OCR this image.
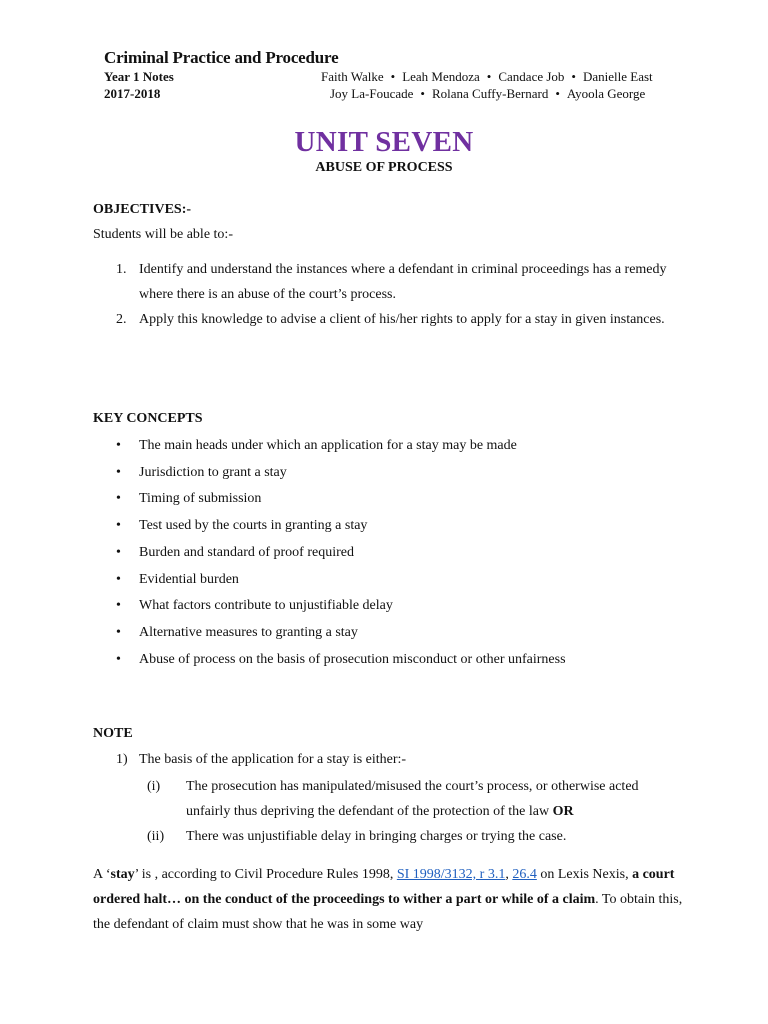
Criminal Practice and Procedure
Year 1 Notes
2017-2018
Faith Walke • Leah Mendoza • Candace Job • Danielle East
Joy La-Foucade • Rolana Cuffy-Bernard • Ayoola George
UNIT SEVEN
ABUSE OF PROCESS
OBJECTIVES:-
Students will be able to:-
1. Identify and understand the instances where a defendant in criminal proceedings has a remedy where there is an abuse of the court’s process.
2. Apply this knowledge to advise a client of his/her rights to apply for a stay in given instances.
KEY CONCEPTS
• The main heads under which an application for a stay may be made
• Jurisdiction to grant a stay
• Timing of submission
• Test used by the courts in granting a stay
• Burden and standard of proof required
• Evidential burden
• What factors contribute to unjustifiable delay
• Alternative measures to granting a stay
• Abuse of process on the basis of prosecution misconduct or other unfairness
NOTE
1) The basis of the application for a stay is either:-
(i) The prosecution has manipulated/misused the court’s process, or otherwise acted unfairly thus depriving the defendant of the protection of the law OR
(ii) There was unjustifiable delay in bringing charges or trying the case.
A ‘stay’ is , according to Civil Procedure Rules 1998, SI 1998/3132, r 3.1, 26.4 on Lexis Nexis, a court ordered halt… on the conduct of the proceedings to wither a part or while of a claim. To obtain this, the defendant of claim must show that he was in some way
